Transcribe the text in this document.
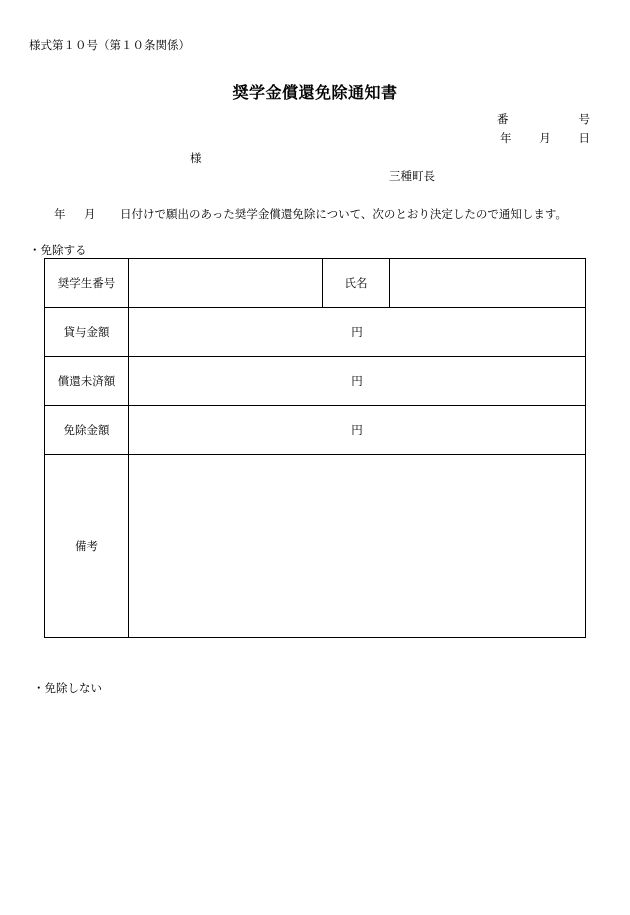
様式第１０号（第１０条関係）
奨学金償還免除通知書
番	号
年 月 日
様
三種町長
年 月 日付けで願出のあった奨学金償還免除について、次のとおり決定したので通知します。
・免除する
奨学生番号		氏名	
貸与金額	円		
償還未済額	円		
免除金額	円		
備考			
・免除しない
